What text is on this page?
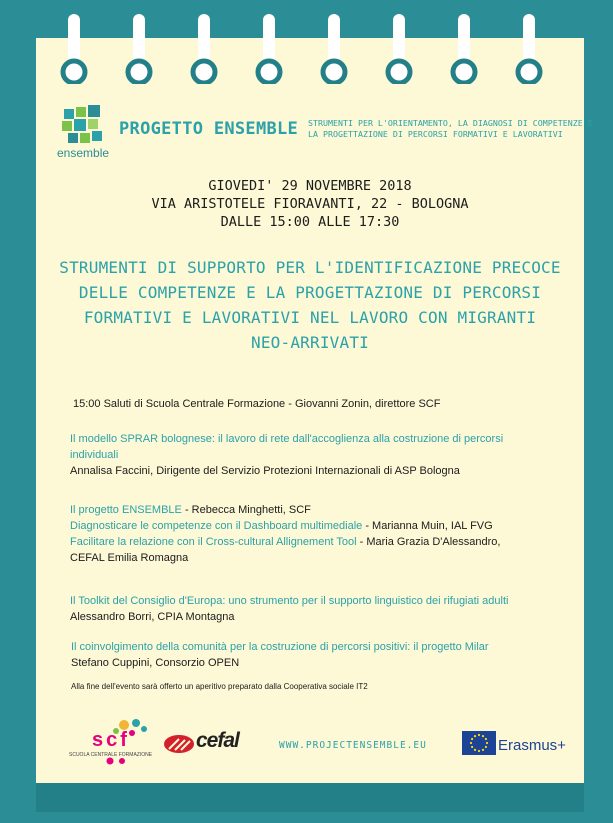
ensemble
PROGETTO ENSEMBLE STRUMENTI PER L'ORIENTAMENTO, LA DIAGNOSI DI COMPETENZE E
LA PROGETTAZIONE DI PERCORSI FORMATIVI E LAVORATIVI
GIOVEDI' 29 NOVEMBRE 2018
VIA ARISTOTELE FIORAVANTI, 22 - BOLOGNA
DALLE 15:00 ALLE 17:30
STRUMENTI DI SUPPORTO PER L'IDENTIFICAZIONE PRECOCE
DELLE COMPETENZE E LA PROGETTAZIONE DI PERCORSI
FORMATIVI E LAVORATIVI NEL LAVORO CON MIGRANTI
NEO-ARRIVATI
15:00 Saluti di Scuola Centrale Formazione - Giovanni Zonin, direttore SCF
Il modello SPRAR bolognese: il lavoro di rete dall'accoglienza alla costruzione di percorsi
individuali
Annalisa Faccini, Dirigente del Servizio Protezioni Internazionali di ASP Bologna
Il progetto ENSEMBLE - Rebecca Minghetti, SCF
Diagnosticare le competenze con il Dashboard multimediale - Marianna Muin, IAL FVG
Facilitare la relazione con il Cross-cultural Allignement Tool - Maria Grazia D'Alessandro,
CEFAL Emilia Romagna
Il Toolkit del Consiglio d'Europa: uno strumento per il supporto linguistico dei rifugiati adulti
Alessandro Borri, CPIA Montagna
Il coinvolgimento della comunità per la costruzione di percorsi positivi: il progetto Milar
Stefano Cuppini, Consorzio OPEN
Alla fine dell'evento sarà offerto un aperitivo preparato dalla Cooperativa sociale IT2
scf
SCUOLA CENTRALE FORMAZIONE
cefal	WWW.PROJECTENSEMBLE.EU	Erasmus+
